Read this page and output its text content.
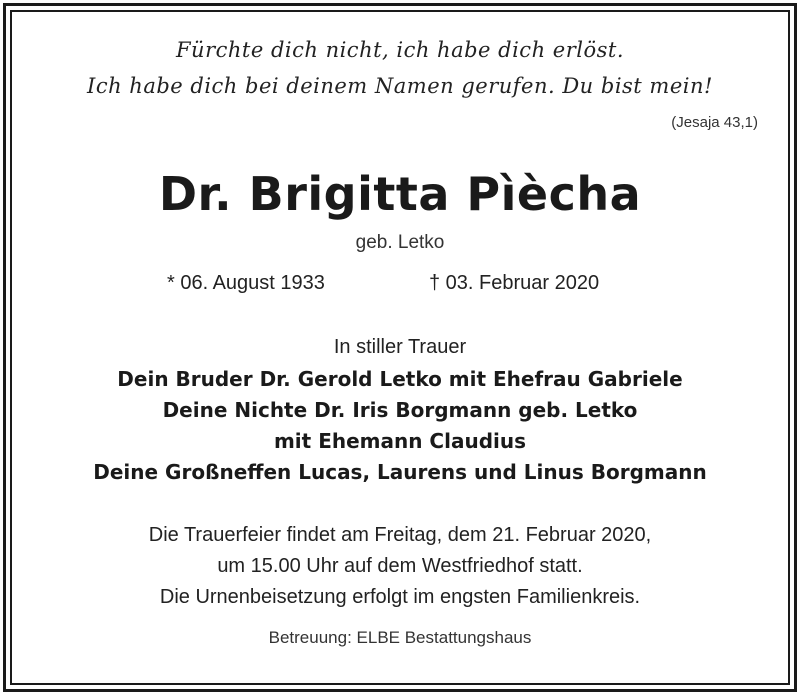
Fürchte dich nicht, ich habe dich erlöst.
Ich habe dich bei deinem Namen gerufen. Du bist mein!
(Jesaja 43,1)
Dr. Brigitta Pìècha
geb. Letko
* 06. August 1933	† 03. Februar 2020
In stiller Trauer
Dein Bruder Dr. Gerold Letko mit Ehefrau Gabriele
Deine Nichte Dr. Iris Borgmann geb. Letko
mit Ehemann Claudius
Deine Großneffen Lucas, Laurens und Linus Borgmann
Die Trauerfeier findet am Freitag, dem 21. Februar 2020,
um 15.00 Uhr auf dem Westfriedhof statt.
Die Urnenbeisetzung erfolgt im engsten Familienkreis.
Betreuung: ELBE Bestattungshaus
